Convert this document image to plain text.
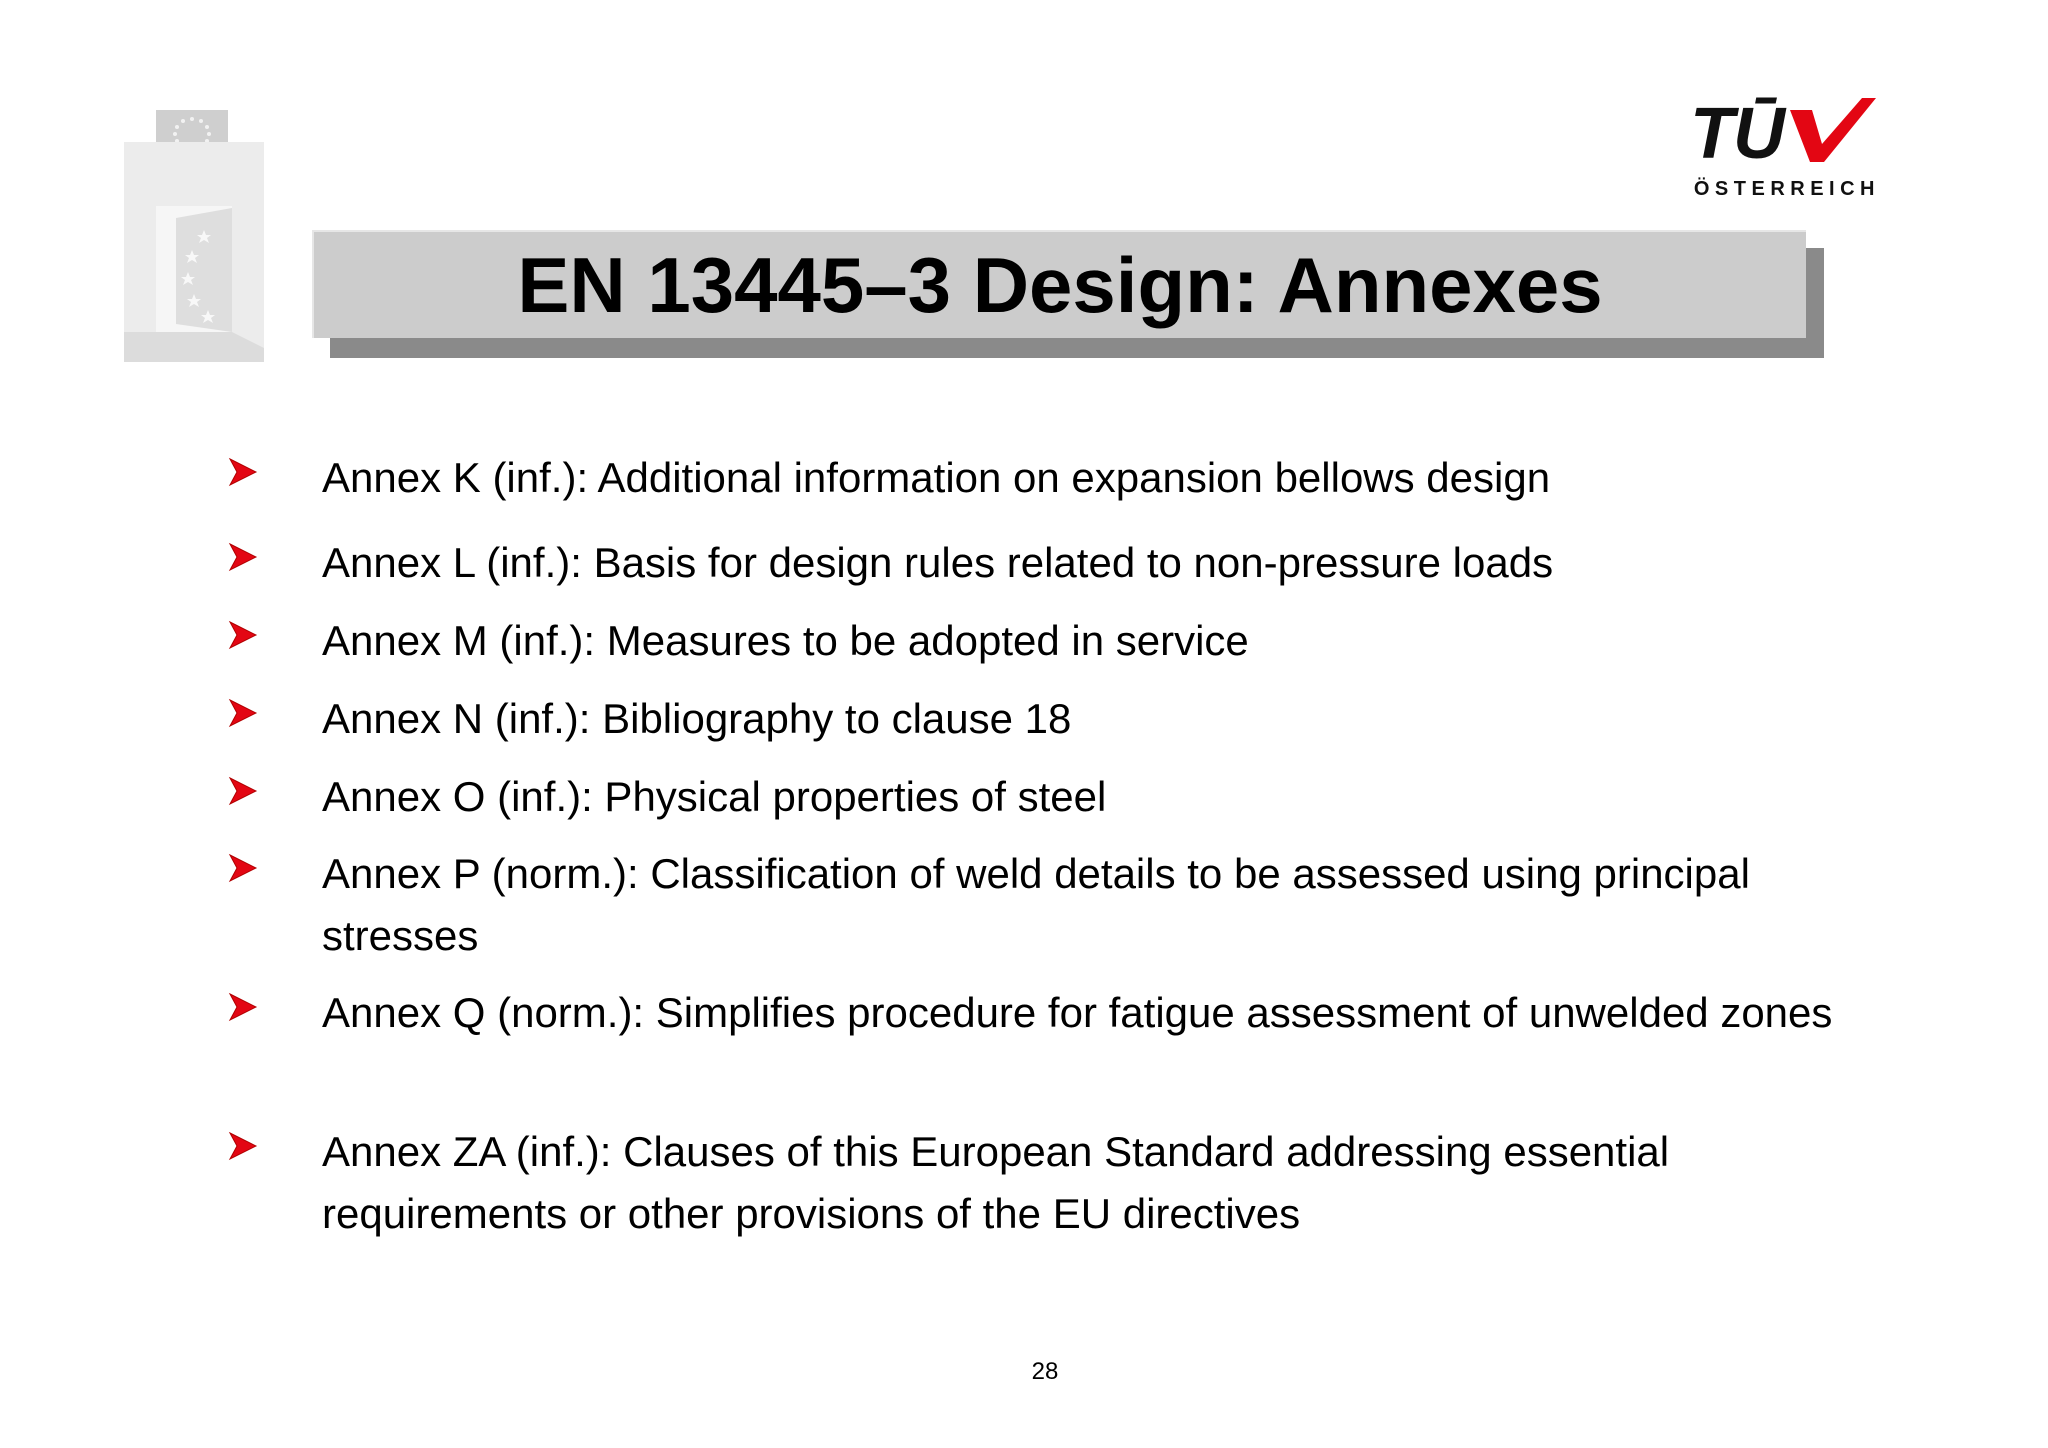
TŪ
ÖSTERREICH
EN 13445–3 Design: Annexes
Annex K (inf.): Additional information on expansion bellows design
Annex L (inf.): Basis for design rules related to non-pressure loads
Annex M (inf.): Measures to be adopted in service
Annex N (inf.): Bibliography to clause 18
Annex O (inf.): Physical properties of steel
Annex P (norm.): Classification of weld details to be assessed using principal stresses
Annex Q (norm.): Simplifies procedure for fatigue assessment of unwelded zones
Annex ZA (inf.): Clauses of this European Standard addressing essential requirements or other provisions of the EU directives
28
